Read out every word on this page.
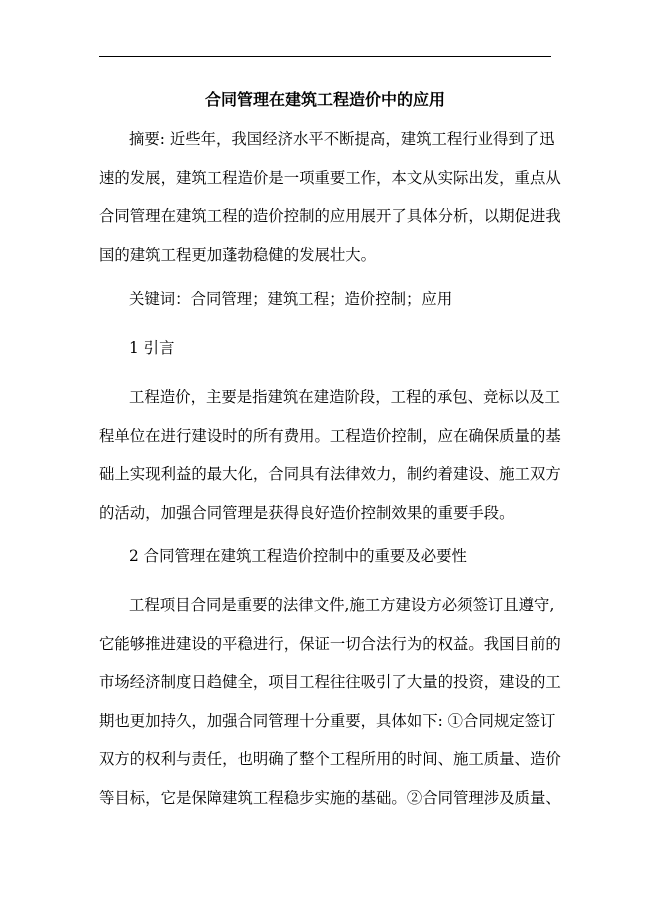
合同管理在建筑工程造价中的应用
摘要: 近些年，我国经济水平不断提高，建筑工程行业得到了迅
速的发展，建筑工程造价是一项重要工作，本文从实际出发，重点从
合同管理在建筑工程的造价控制的应用展开了具体分析，以期促进我
国的建筑工程更加蓬勃稳健的发展壮大。
关键词：合同管理；建筑工程；造价控制；应用
1 引言
工程造价，主要是指建筑在建造阶段，工程的承包、竞标以及工
程单位在进行建设时的所有费用。工程造价控制，应在确保质量的基
础上实现利益的最大化，合同具有法律效力，制约着建设、施工双方
的活动，加强合同管理是获得良好造价控制效果的重要手段。
2 合同管理在建筑工程造价控制中的重要及必要性
工程项目合同是重要的法律文件,施工方建设方必须签订且遵守,
它能够推进建设的平稳进行，保证一切合法行为的权益。我国目前的
市场经济制度日趋健全，项目工程往往吸引了大量的投资，建设的工
期也更加持久，加强合同管理十分重要，具体如下: ①合同规定签订
双方的权利与责任，也明确了整个工程所用的时间、施工质量、造价
等目标，它是保障建筑工程稳步实施的基础。②合同管理涉及质量、
